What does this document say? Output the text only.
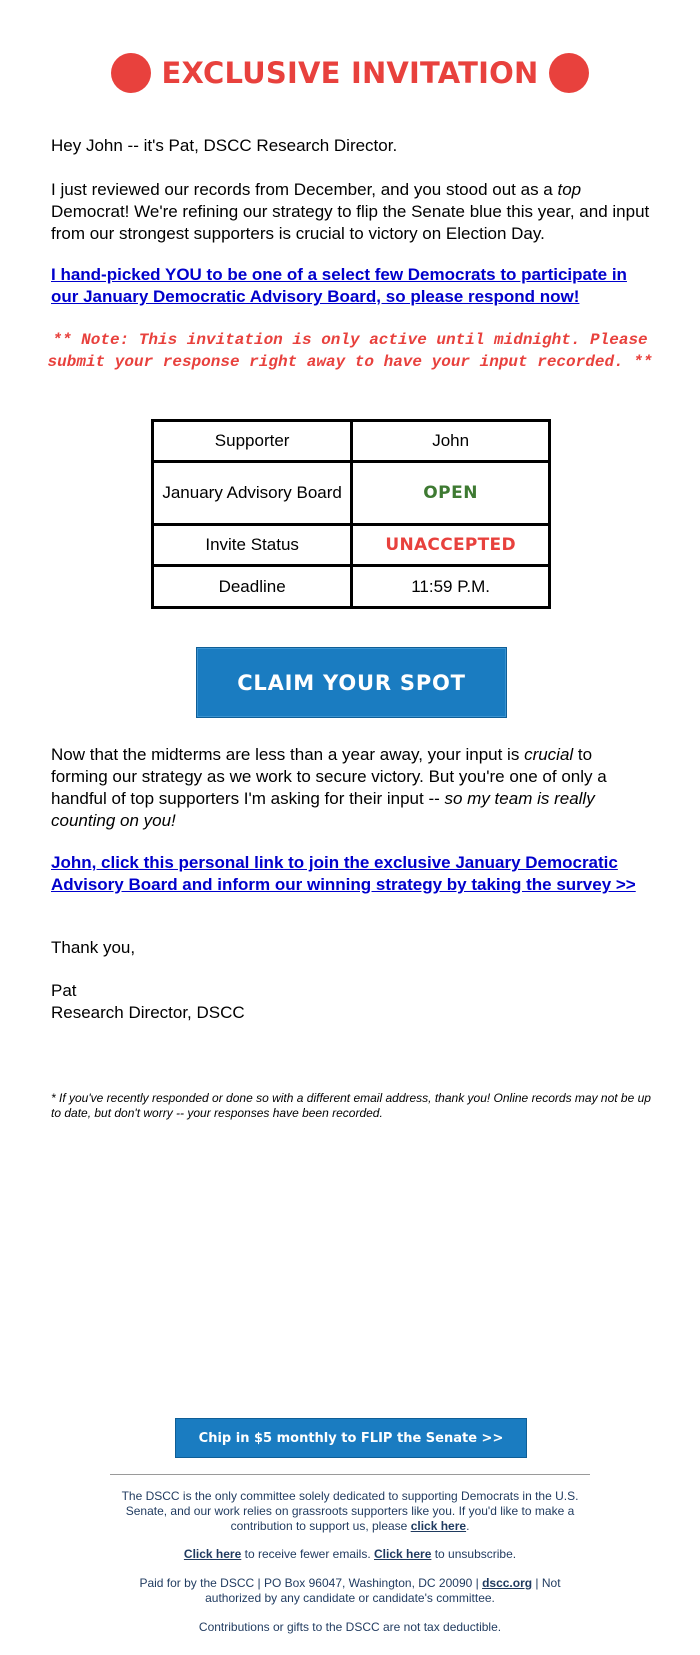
EXCLUSIVE INVITATION
Hey John -- it's Pat, DSCC Research Director.
I just reviewed our records from December, and you stood out as a top Democrat! We're refining our strategy to flip the Senate blue this year, and input from our strongest supporters is crucial to victory on Election Day.
I hand-picked YOU to be one of a select few Democrats to participate in our January Democratic Advisory Board, so please respond now!
** Note: This invitation is only active until midnight. Please submit your response right away to have your input recorded. **
Supporter	John
January Advisory Board	OPEN
Invite Status	UNACCEPTED
Deadline	11:59 P.M.
CLAIM YOUR SPOT
Now that the midterms are less than a year away, your input is crucial to forming our strategy as we work to secure victory. But you're one of only a handful of top supporters I'm asking for their input -- so my team is really counting on you!
John, click this personal link to join the exclusive January Democratic Advisory Board and inform our winning strategy by taking the survey >>
Thank you,
Pat
Research Director, DSCC
* If you've recently responded or done so with a different email address, thank you! Online records may not be up to date, but don't worry -- your responses have been recorded.
Chip in $5 monthly to FLIP the Senate >>
The DSCC is the only committee solely dedicated to supporting Democrats in the U.S. Senate, and our work relies on grassroots supporters like you. If you'd like to make a contribution to support us, please click here.
Click here to receive fewer emails. Click here to unsubscribe.
Paid for by the DSCC | PO Box 96047, Washington, DC 20090 | dscc.org | Not authorized by any candidate or candidate's committee.
Contributions or gifts to the DSCC are not tax deductible.
